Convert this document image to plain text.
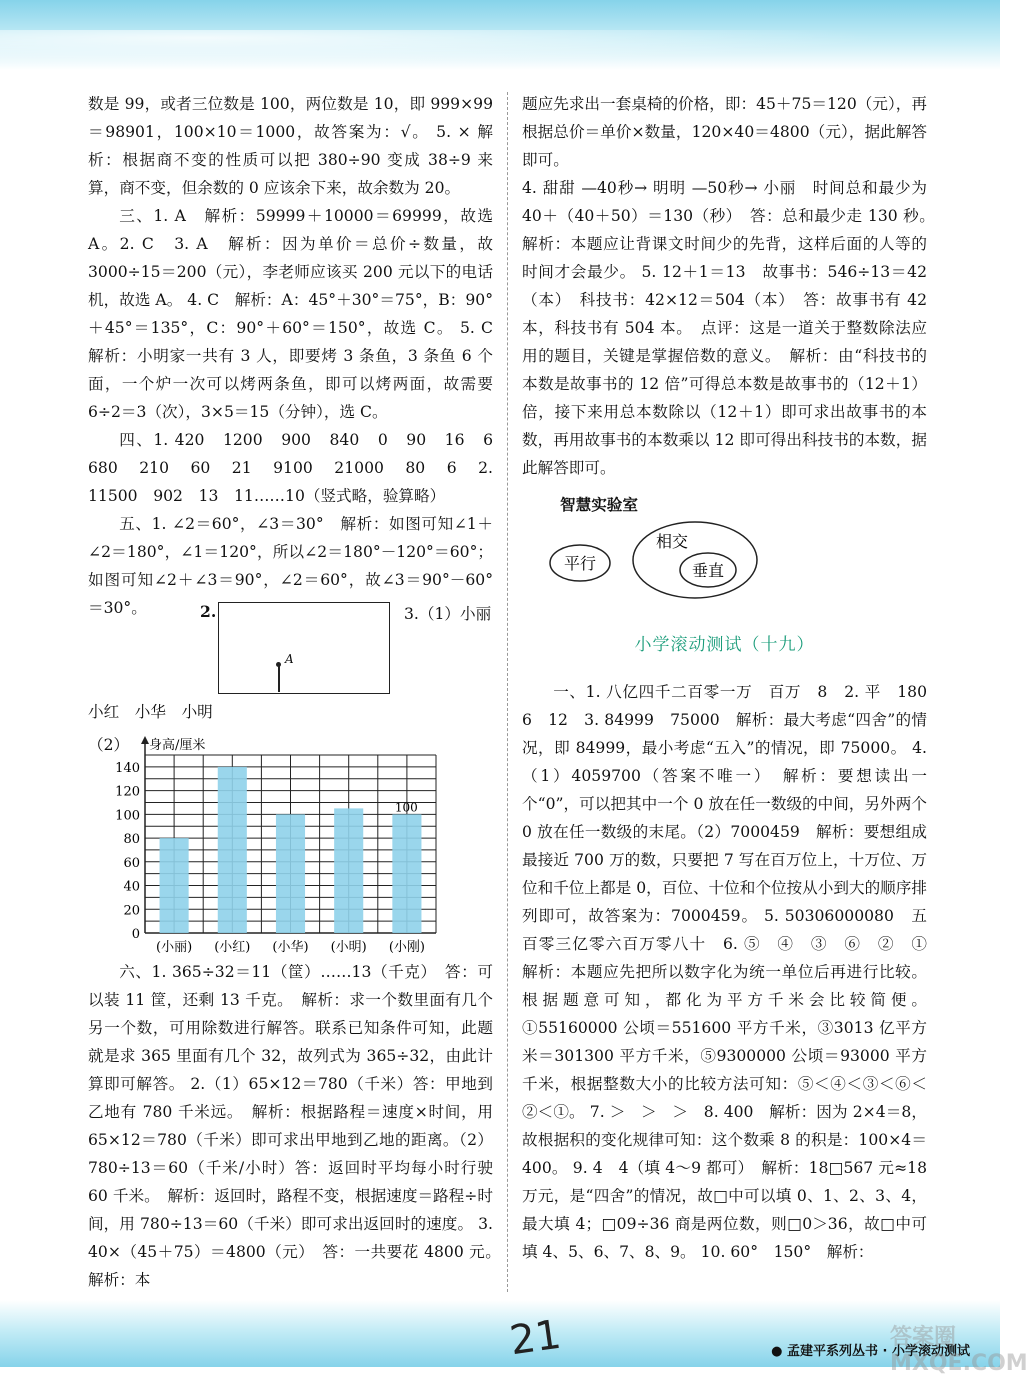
数是 99，或者三位数是 100，两位数是 10，即 999×99＝98901，100×10＝1000，故答案为：√。 5. × 解析：根据商不变的性质可以把 380÷90 变成 38÷9 来算，商不变，但余数的 0 应该余下来，故余数为 20。

三、1. A　解析：59999＋10000＝69999，故选 A。2. C　3. A　解析：因为单价＝总价÷数量，故 3000÷15＝200（元），李老师应该买 200 元以下的电话机，故选 A。 4. C　解析：A：45°＋30°＝75°，B：90°＋45°＝135°，C：90°＋60°＝150°，故选 C。 5. C　解析：小明家一共有 3 人，即要烤 3 条鱼，3 条鱼 6 个面，一个炉一次可以烤两条鱼，即可以烤两面，故需要 6÷2＝3（次），3×5＝15（分钟），选 C。

四、1. 420　1200　900　840　0　90　16　6　680　210　60　21　9100　21000　80　6　2. 11500　902　13　11……10（竖式略，验算略）

五、1. ∠2＝60°，∠3＝30°　解析：如图可知∠1＋∠2＝180°，∠1＝120°，所以∠2＝180°－120°＝60°；如图可知∠2＋∠3＝90°，∠2＝60°，故∠3＝90°－60°＝30°。	2.
A
3.（1）小丽
小红　小华　小明
（2）
(小丽) (小红) (小华) (小明) (小刚)
0
20
40
60
80
100
120
140
身高/厘米
100

六、1. 365÷32＝11（筐）……13（千克）　答：可以装 11 筐，还剩 13 千克。　解析：求一个数里面有几个另一个数，可用除数进行解答。联系已知条件可知，此题就是求 365 里面有几个 32，故列式为 365÷32，由此计算即可解答。 2.（1）65×12＝780（千米）答：甲地到乙地有 780 千米远。　解析：根据路程＝速度×时间，用 65×12＝780（千米）即可求出甲地到乙地的距离。（2）780÷13＝60（千米/小时）答：返回时平均每小时行驶 60 千米。　解析：返回时，路程不变，根据速度＝路程÷时间，用 780÷13＝60（千米）即可求出返回时的速度。 3. 40×（45＋75）＝4800（元）　答：一共要花 4800 元。　解析：本

题应先求出一套桌椅的价格，即：45＋75＝120（元），再根据总价＝单价×数量，120×40＝4800（元），据此解答即可。

4. 甜甜 —40秒→ 明明 —50秒→ 小丽　时间总和最少为 40＋（40＋50）＝130（秒）　答：总和最少走 130 秒。　解析：本题应让背课文时间少的先背，这样后面的人等的时间才会最少。 5. 12＋1＝13　故事书：546÷13＝42（本）　科技书：42×12＝504（本）　答：故事书有 42 本，科技书有 504 本。　点评：这是一道关于整数除法应用的题目，关键是掌握倍数的意义。　解析：由“科技书的本数是故事书的 12 倍”可得总本数是故事书的（12＋1）倍，接下来用总本数除以（12＋1）即可求出故事书的本数，再用故事书的本数乘以 12 即可得出科技书的本数，据此解答即可。

智慧实验室
平行
相交
垂直
小学滚动测试（十九）

一、1. 八亿四千二百零一万　百万　8　2. 平　180　6　12　3. 84999　75000　解析：最大考虑“四舍”的情况，即 84999，最小考虑“五入”的情况，即 75000。 4.（1）4059700（答案不唯一）　解析：要想读出一个“0”，可以把其中一个 0 放在任一数级的中间，另外两个 0 放在任一数级的末尾。（2）7000459　解析：要想组成最接近 700 万的数，只要把 7 写在百万位上，十万位、万位和千位上都是 0，百位、十位和个位按从小到大的顺序排列即可，故答案为：7000459。 5. 50306000080　五百零三亿零六百万零八十　6. ⑤　④　③　⑥　②　①　解析：本题应先把所以数字化为统一单位后再进行比较。根据题意可知，都化为平方千米会比较简便。①55160000 公顷＝551600 平方千米，③3013 亿平方米＝301300 平方千米，⑤9300000 公顷＝93000 平方千米，根据整数大小的比较方法可知：⑤＜④＜③＜⑥＜②＜①。 7. ＞　＞　＞　8. 400　解析：因为 2×4＝8，故根据积的变化规律可知：这个数乘 8 的积是：100×4＝400。 9. 4　4（填 4～9 都可）　解析：18□567 元≈18 万元，是“四舍”的情况，故□中可以填 0、1、2、3、4，最大填 4；□09÷36 商是两位数，则□0＞36，故□中可填 4、5、6、7、8、9。 10. 60°　150°　解析：

21	● 孟建平系列丛书 · 小学滚动测试
答案圈 MXQE.COM
